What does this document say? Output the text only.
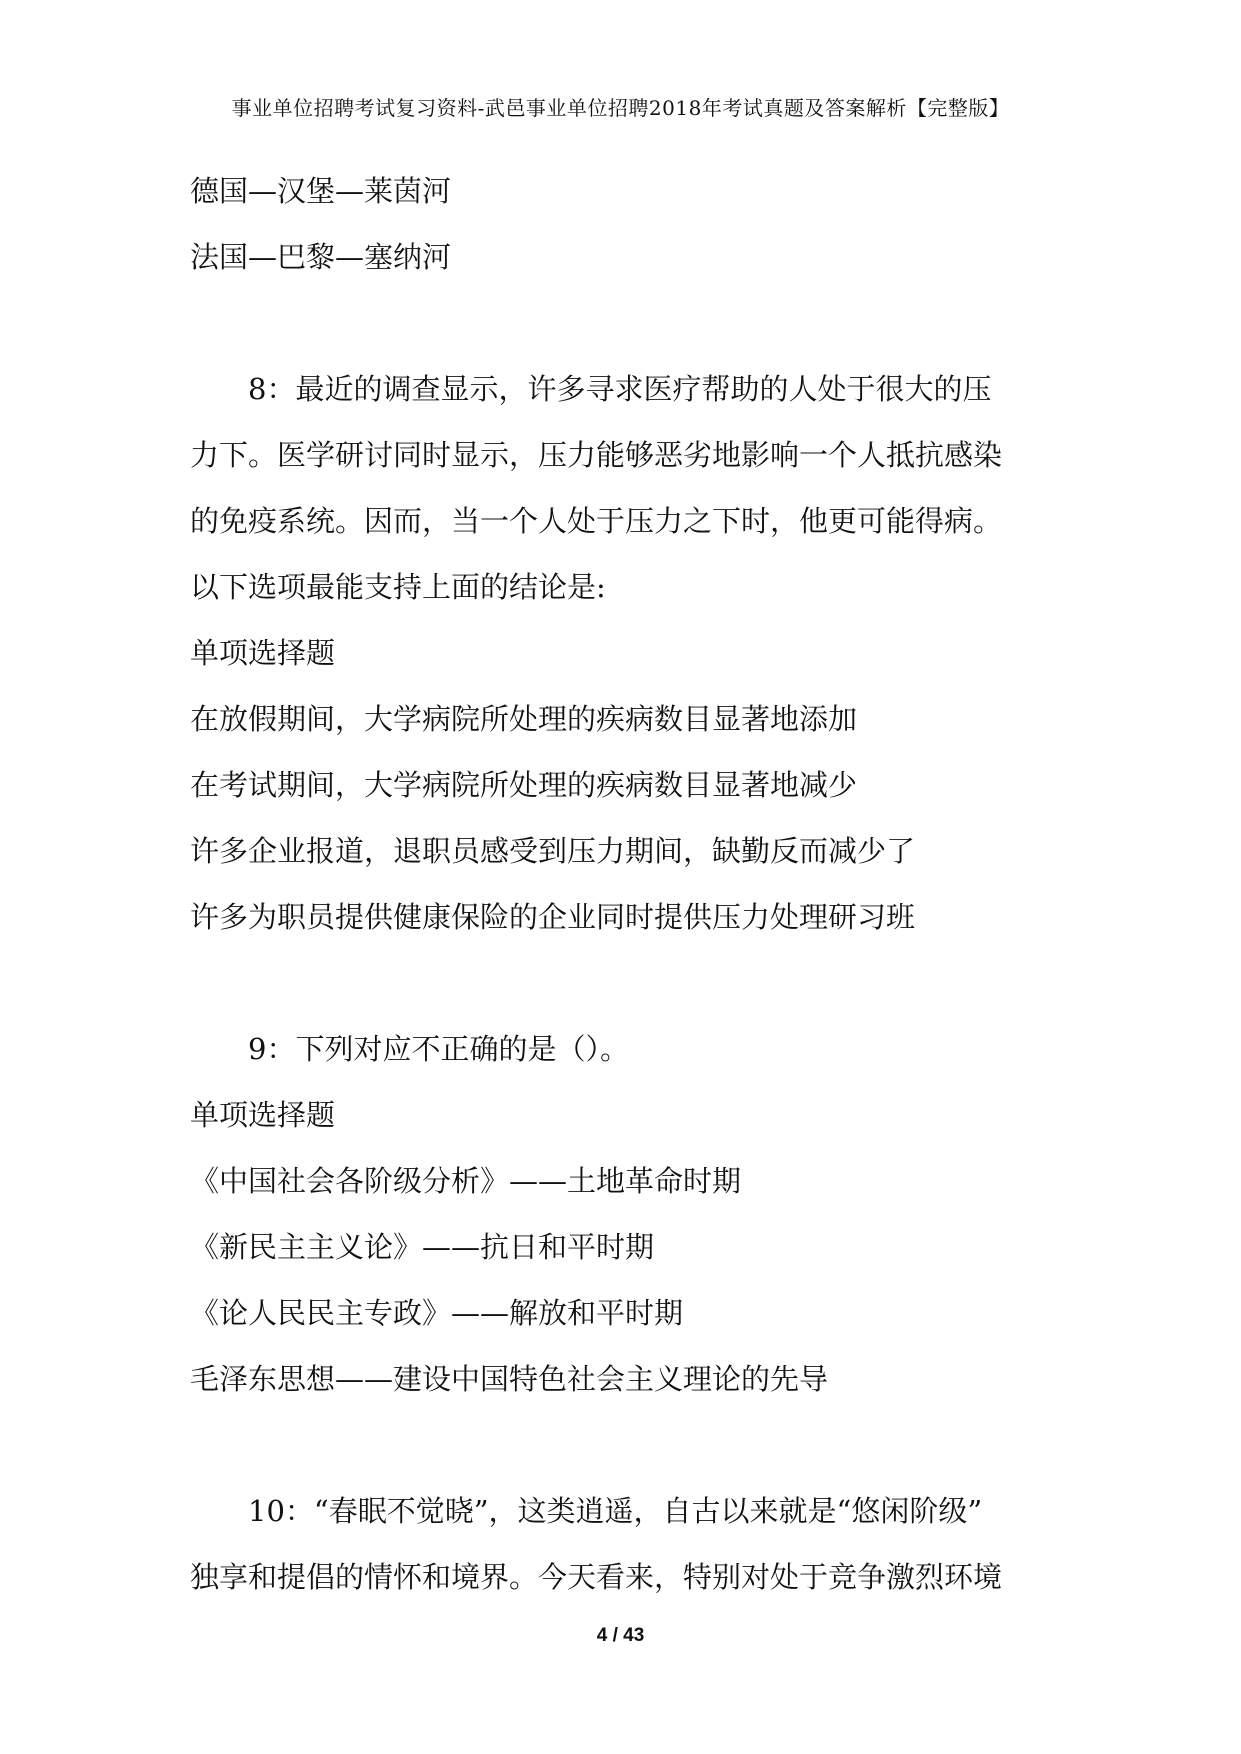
事业单位招聘考试复习资料-武邑事业单位招聘2018年考试真题及答案解析【完整版】
德国—汉堡—莱茵河
法国—巴黎—塞纳河
8：最近的调查显示，许多寻求医疗帮助的人处于很大的压
力下。医学研讨同时显示，压力能够恶劣地影响一个人抵抗感染
的免疫系统。因而，当一个人处于压力之下时，他更可能得病。
以下选项最能支持上面的结论是:
单项选择题
在放假期间，大学病院所处理的疾病数目显著地添加
在考试期间，大学病院所处理的疾病数目显著地减少
许多企业报道，退职员感受到压力期间，缺勤反而减少了
许多为职员提供健康保险的企业同时提供压力处理研习班
9：下列对应不正确的是（）。
单项选择题
《中国社会各阶级分析》——土地革命时期
《新民主主义论》——抗日和平时期
《论人民民主专政》——解放和平时期
毛泽东思想——建设中国特色社会主义理论的先导
10：“春眠不觉晓”，这类逍遥，自古以来就是“悠闲阶级”
独享和提倡的情怀和境界。今天看来，特别对处于竞争激烈环境
4 / 43
